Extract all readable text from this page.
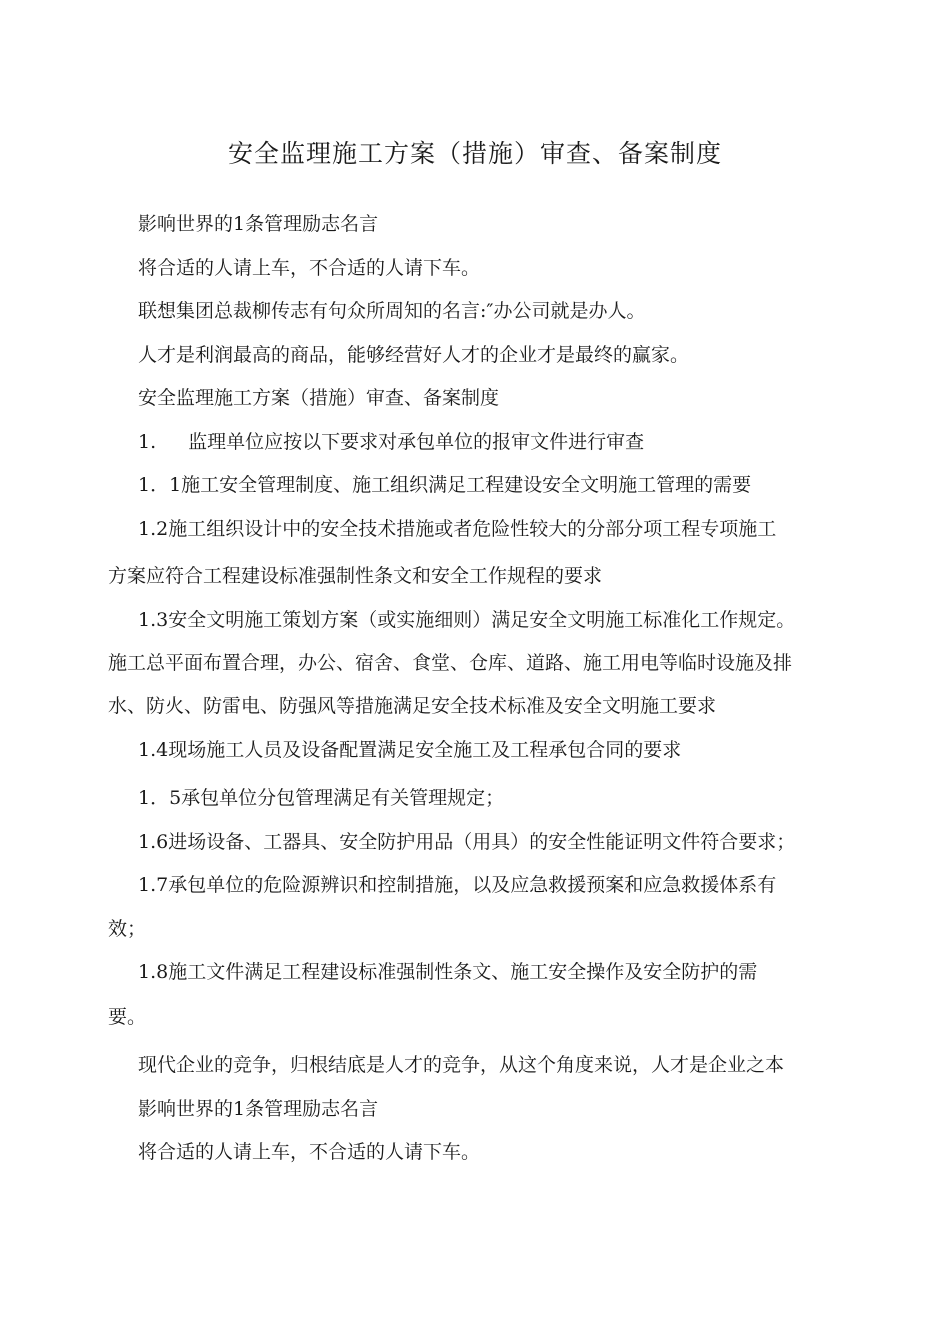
安全监理施工方案（措施）审查、备案制度
影响世界的1条管理励志名言
将合适的人请上车，不合适的人请下车。
联想集团总裁柳传志有句众所周知的名言:″办公司就是办人。
人才是利润最高的商品，能够经营好人才的企业才是最终的赢家。
安全监理施工方案（措施）审查、备案制度
1. 监理单位应按以下要求对承包单位的报审文件进行审查
1．1施工安全管理制度、施工组织满足工程建设安全文明施工管理的需要
1.2施工组织设计中的安全技术措施或者危险性较大的分部分项工程专项施工
方案应符合工程建设标准强制性条文和安全工作规程的要求
1.3安全文明施工策划方案（或实施细则）满足安全文明施工标准化工作规定。
施工总平面布置合理，办公、宿舍、食堂、仓库、道路、施工用电等临时设施及排
水、防火、防雷电、防强风等措施满足安全技术标准及安全文明施工要求
1.4现场施工人员及设备配置满足安全施工及工程承包合同的要求
1．5承包单位分包管理满足有关管理规定；
1.6进场设备、工器具、安全防护用品（用具）的安全性能证明文件符合要求；
1.7承包单位的危险源辨识和控制措施，以及应急救援预案和应急救援体系有
效；
1.8施工文件满足工程建设标准强制性条文、施工安全操作及安全防护的需
要。
现代企业的竞争，归根结底是人才的竞争，从这个角度来说，人才是企业之本
影响世界的1条管理励志名言
将合适的人请上车，不合适的人请下车。
